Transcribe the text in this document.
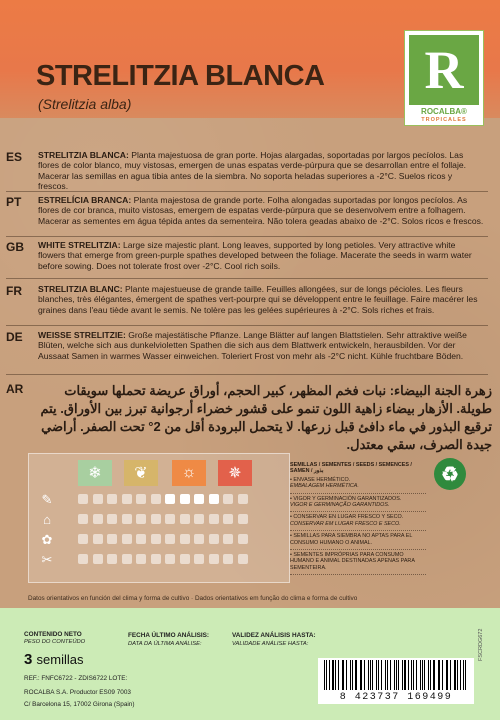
STRELITZIA BLANCA
(Strelitzia alba)
R
ROCALBA®
TROPICALES
ES STRELITZIA BLANCA: Planta majestuosa de gran porte. Hojas alargadas, soportadas por largos pecíolos. Las flores de color blanco, muy vistosas, emergen de unas espatas verde-púrpura que se desarrollan entre el follaje. Macerar las semillas en agua tibia antes de la siembra. No soporta heladas superiores a -2°C. Suelos ricos y frescos.
PT ESTRELÍCIA BRANCA: Planta majestosa de grande porte. Folha alongadas suportadas por longos pecíolos. As flores de cor branca, muito vistosas, emergem de espatas verde-púrpura que se desenvolvem entre a folhagem. Macerar as sementes em água tépida antes da sementeira. Não tolera geadas abaixo de -2°C. Solos ricos e frescos.
GB WHITE STRELITZIA: Large size majestic plant. Long leaves, supported by long petioles. Very attractive white flowers that emerge from green-purple spathes developed between the foliage. Macerate the seeds in warm water before sowing. Does not tolerate frost over -2°C. Cool rich soils.
FR STRELITZIA BLANC: Plante majestueuse de grande taille. Feuilles allongées, sur de longs pécioles. Les fleurs blanches, très élégantes, émergent de spathes vert-pourpre qui se développent entre le feuillage. Faire macérer les graines dans l'eau tiède avant le semis. Ne tolère pas les gelées supérieures à -2°C. Sols riches et frais.
DE WEISSE STRELITZIE: Große majestätische Pflanze. Lange Blätter auf langen Blattstielen. Sehr attraktive weiße Blüten, welche sich aus dunkelvioletten Spathen die sich aus dem Blattwerk entwickeln, herausbilden. Vor der Aussaat Samen in warmes Wasser einweichen. Toleriert Frost von mehr als -2°C nicht. Kühle fruchtbare Böden.
AR	زهرة الجنة البيضاء: نبات فخم المظهر، كبير الحجم، أوراق عريضة تحملها سويقات طويلة. الأزهار بيضاء زاهية اللون تنمو على قشور خضراء أرجوانية تبرز بين الأوراق. يتم ترقيع البذور في ماء دافئ قبل زرعها. لا يتحمل البرودة أقل من 2° تحت الصفر. أراضي جيدة الصرف، سقي معتدل.
❄	❦	☼	✵
✎
⌂
✿
✂
SEMILLAS / SEMENTES / SEEDS / SEMENCES / SAMEN / بذور
• ENVASE HERMÉTICO.
EMBALAGEM HERMÉTICA.
• VIGOR Y GERMINACIÓN GARANTIZADOS.
VIGOR E GERMINAÇÃO GARANTIDOS.
• CONSERVAR EN LUGAR FRESCO Y SECO.
CONSERVAR EM LUGAR FRESCO E SECO.
• SEMILLAS PARA SIEMBRA NO APTAS PARA EL CONSUMO HUMANO O ANIMAL.
• SEMENTES IMPRÓPRIAS PARA CONSUMO HUMANO E ANIMAL DESTINADAS APENAS PARA SEMENTEIRA.
♻
Datos orientativos en función del clima y forma de cultivo · Dados orientativos em função do clima e forma de cultivo
CONTENIDO NETO
PESO DO CONTEÚDO
3 semillas
FECHA ÚLTIMO ANÁLISIS:
DATA DA ÚLTIMA ANÁLISE:
VALIDEZ ANÁLISIS HASTA:
VALIDADE ANÁLISE HASTA:
REF.: FNFC6722 - ZDIS6722 LOTE:
ROCALBA S.A. Productor ES09 7003
C/ Barcelona 15, 17002 Girona (Spain)
8 423737 169499
FSCRDG672
